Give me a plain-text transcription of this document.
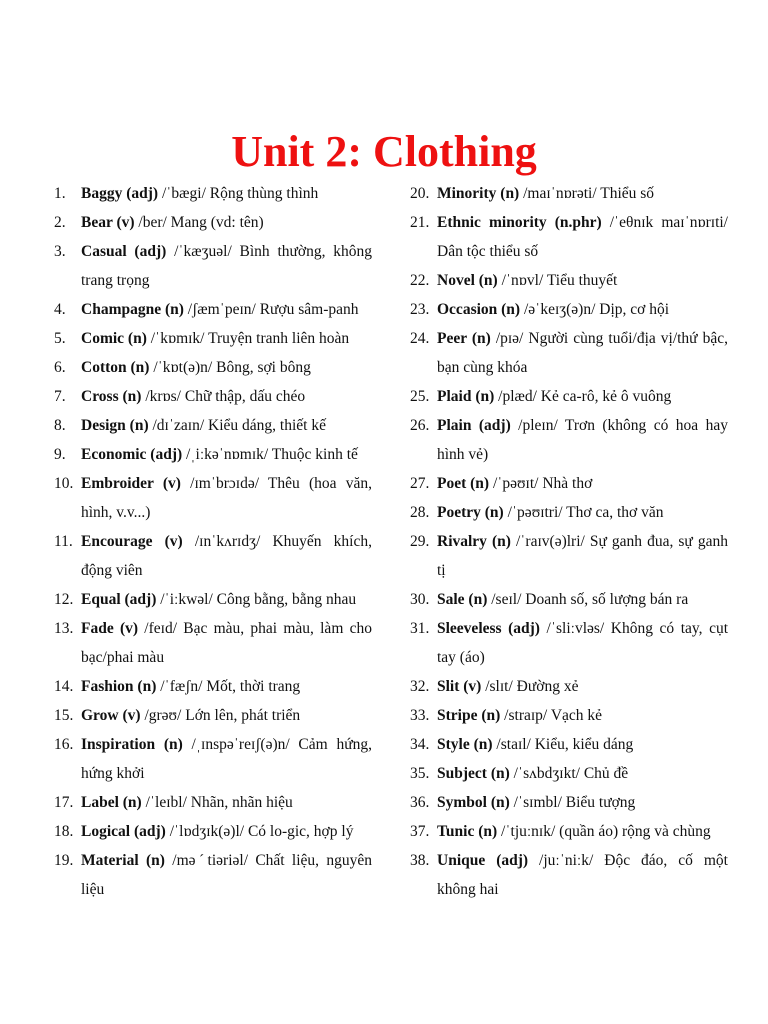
Unit 2: Clothing
1. Baggy (adj) /ˈbægi/ Rộng thùng thình
2. Bear (v) /ber/ Mang (vd: tên)
3. Casual (adj) /ˈkæʒuəl/ Bình thường, không trang trọng
4. Champagne (n) /ʃæmˈpeɪn/ Rượu sâm-panh
5. Comic (n) /ˈkɒmɪk/ Truyện tranh liên hoàn
6. Cotton (n) /ˈkɒt(ə)n/ Bông, sợi bông
7. Cross (n) /krɒs/ Chữ thập, dấu chéo
8. Design (n) /dɪˈzaɪn/ Kiểu dáng, thiết kế
9. Economic (adj) /ˌiːkəˈnɒmɪk/ Thuộc kinh tế
10. Embroider (v) /ɪmˈbrɔɪdə/ Thêu (hoa văn, hình, v.v...)
11. Encourage (v) /ɪnˈkʌrɪdʒ/ Khuyến khích, động viên
12. Equal (adj) /ˈiːkwəl/ Công bằng, bằng nhau
13. Fade (v) /feɪd/ Bạc màu, phai màu, làm cho bạc/phai màu
14. Fashion (n) /ˈfæʃn/ Mốt, thời trang
15. Grow (v) /grəʊ/ Lớn lên, phát triển
16. Inspiration (n) /ˌɪnspəˈreɪʃ(ə)n/ Cảm hứng, hứng khởi
17. Label (n) /ˈleɪbl/ Nhãn, nhãn hiệu
18. Logical (adj) /ˈlɒdʒɪk(ə)l/ Có lo-gic, hợp lý
19. Material (n) /məˊtiəriəl/ Chất liệu, nguyên liệu
20. Minority (n) /maɪˈnɒrəti/ Thiểu số
21. Ethnic minority (n.phr) /ˈeθnɪk maɪˈnɒrɪti/ Dân tộc thiểu số
22. Novel (n) /ˈnɒvl/ Tiểu thuyết
23. Occasion (n) /əˈkeɪʒ(ə)n/ Dịp, cơ hội
24. Peer (n) /pɪə/ Người cùng tuổi/địa vị/thứ bậc, bạn cùng khóa
25. Plaid (n) /plæd/ Kẻ ca-rô, kẻ ô vuông
26. Plain (adj) /pleɪn/ Trơn (không có hoa hay hình vẻ)
27. Poet (n) /ˈpəʊɪt/ Nhà thơ
28. Poetry (n) /ˈpəʊɪtri/ Thơ ca, thơ văn
29. Rivalry (n) /ˈraɪv(ə)lri/ Sự ganh đua, sự ganh tị
30. Sale (n) /seɪl/ Doanh số, số lượng bán ra
31. Sleeveless (adj) /ˈsliːvləs/ Không có tay, cụt tay (áo)
32. Slit (v) /slɪt/ Đường xẻ
33. Stripe (n) /straɪp/ Vạch kẻ
34. Style (n) /staɪl/ Kiểu, kiểu dáng
35. Subject (n) /ˈsʌbdʒɪkt/ Chủ đề
36. Symbol (n) /ˈsɪmbl/ Biểu tượng
37. Tunic (n) /ˈtjuːnɪk/ (quần áo) rộng và chùng
38. Unique (adj) /juːˈniːk/ Độc đáo, cố một không hai
